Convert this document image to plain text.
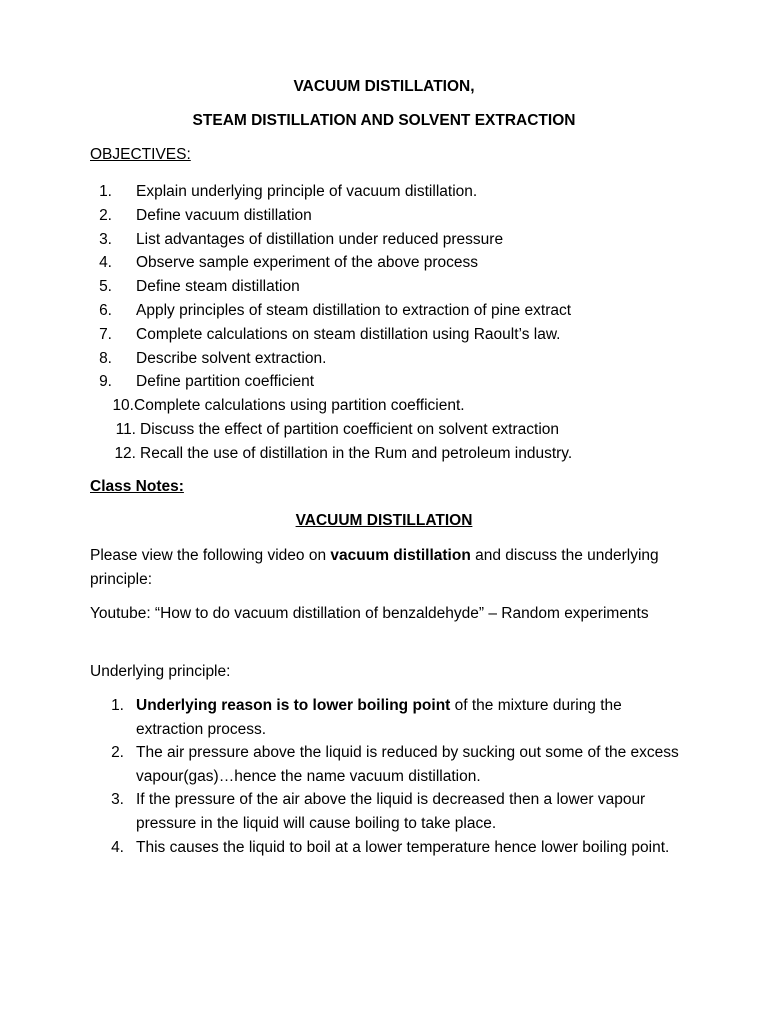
VACUUM DISTILLATION,
STEAM DISTILLATION AND SOLVENT EXTRACTION
OBJECTIVES:
1. Explain underlying principle of vacuum distillation.
2. Define vacuum distillation
3. List advantages of distillation under reduced pressure
4. Observe sample experiment of the above process
5. Define steam distillation
6. Apply principles of steam distillation to extraction of pine extract
7. Complete calculations on steam distillation using Raoult’s law.
8. Describe solvent extraction.
9. Define partition coefficient
10.Complete calculations using partition coefficient.
11. Discuss the effect of partition coefficient on solvent extraction
12. Recall the use of distillation in the Rum and petroleum industry.
Class Notes:
VACUUM DISTILLATION
Please view the following video on vacuum distillation and discuss the underlying principle:
Youtube: “How to do vacuum distillation of benzaldehyde” – Random experiments
Underlying principle:
1. Underlying reason is to lower boiling point of the mixture during the extraction process.
2. The air pressure above the liquid is reduced by sucking out some of the excess vapour(gas)…hence the name vacuum distillation.
3. If the pressure of the air above the liquid is decreased then a lower vapour pressure in the liquid will cause boiling to take place.
4. This causes the liquid to boil at a lower temperature hence lower boiling point.
